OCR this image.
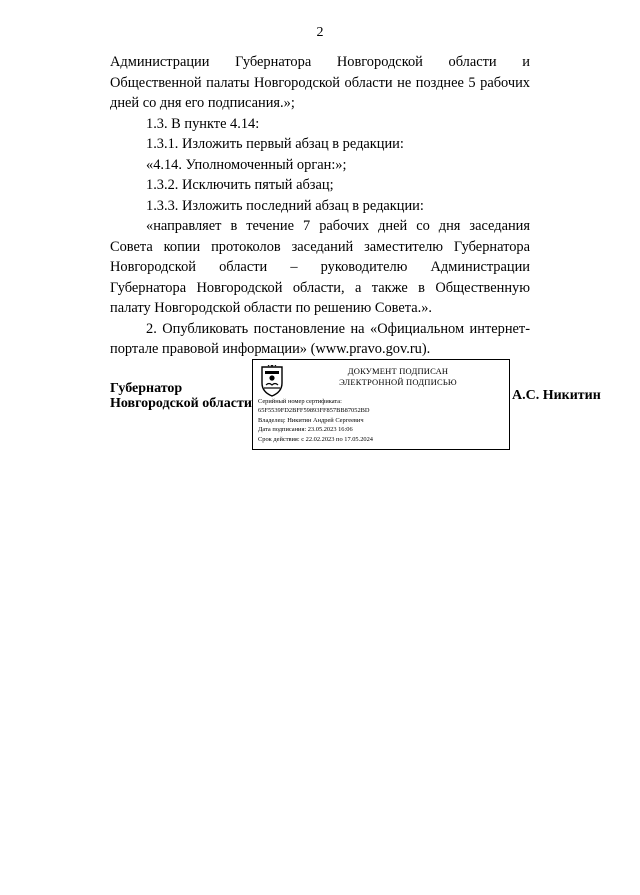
2

Администрации Губернатора Новгородской области и Общественной палаты Новгородской области не позднее 5 рабочих дней со дня его подписания.»;

1.3. В пункте 4.14:

1.3.1. Изложить первый абзац в редакции:

«4.14. Уполномоченный орган:»;

1.3.2. Исключить пятый абзац;

1.3.3. Изложить последний абзац в редакции:

«направляет в течение 7 рабочих дней со дня заседания Совета копии протоколов заседаний заместителю Губернатора Новгородской области – руководителю Администрации Губернатора Новгородской области, а также в Общественную палату Новгородской области по решению Совета.».

2. Опубликовать постановление на «Официальном интернет-портале правовой информации» (www.pravo.gov.ru).

Губернатор
Новгородской области
ДОКУМЕНТ ПОДПИСАН
ЭЛЕКТРОННОЙ ПОДПИСЬЮ
Серийный номер сертификата:
65F5539FD2BFF59893FF857BB87052BD
Владелец: Никитин Андрей Сергеевич
Дата подписания: 23.05.2023 16:06
Срок действия: с 22.02.2023 по 17.05.2024
А.С. Никитин
